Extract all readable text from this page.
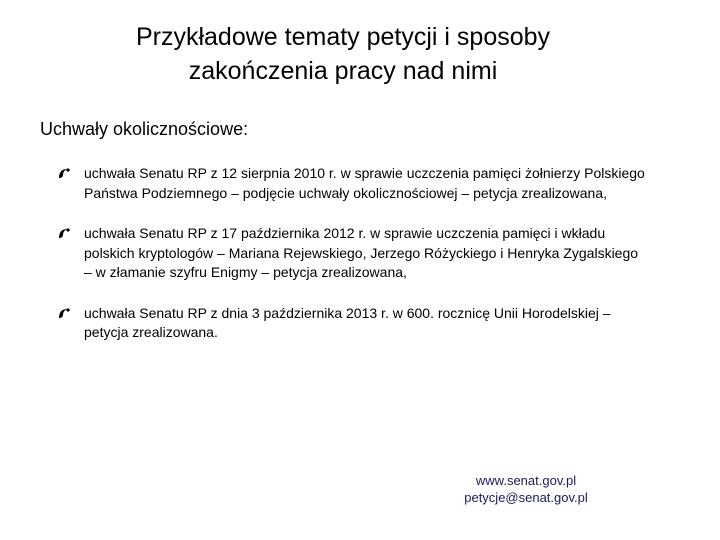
Przykładowe tematy petycji i sposoby
zakończenia pracy nad nimi
Uchwały okolicznościowe:
uchwała Senatu RP z 12 sierpnia 2010 r. w sprawie uczczenia pamięci żołnierzy Polskiego Państwa Podziemnego – podjęcie uchwały okolicznościowej – petycja zrealizowana,
uchwała Senatu RP z 17 października 2012 r. w sprawie uczczenia pamięci i wkładu polskich kryptologów – Mariana Rejewskiego, Jerzego Różyckiego i Henryka Zygalskiego – w złamanie szyfru Enigmy – petycja zrealizowana,
uchwała Senatu RP z dnia 3 października 2013 r. w 600. rocznicę Unii Horodelskiej – petycja zrealizowana.
www.senat.gov.pl
petycje@senat.gov.pl
